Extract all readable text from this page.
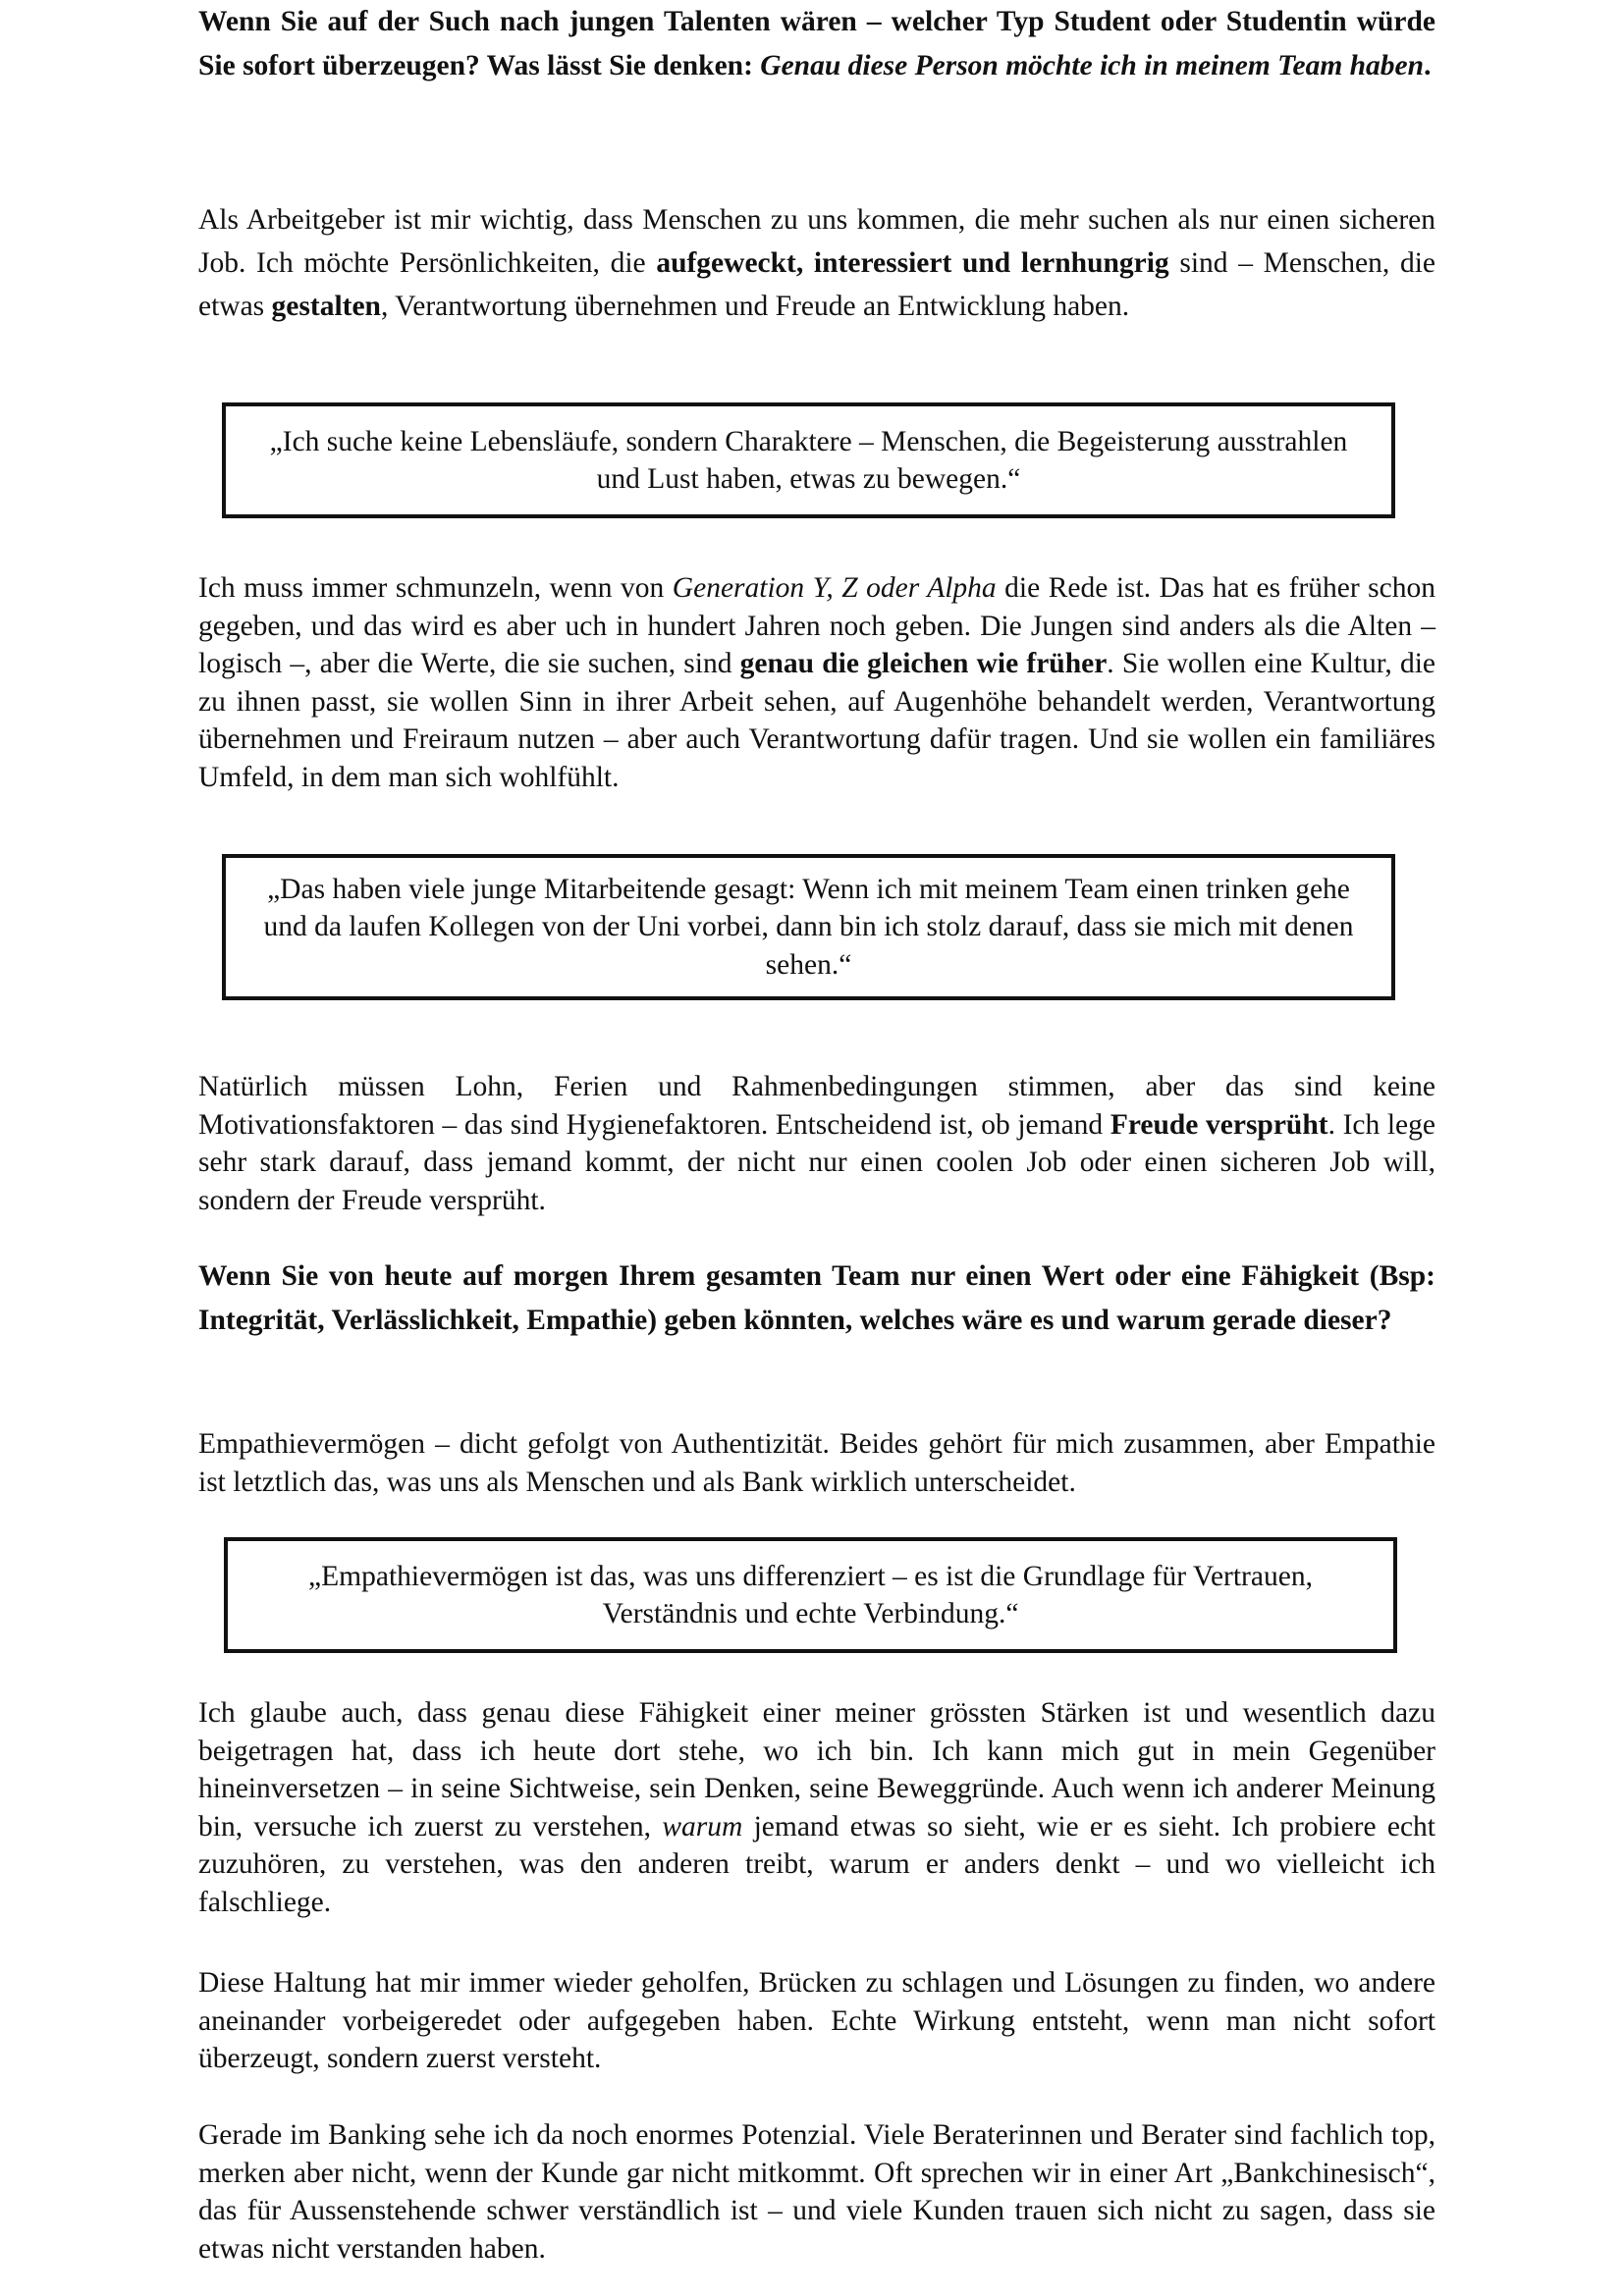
Wenn Sie auf der Such nach jungen Talenten wären – welcher Typ Student oder Studentin würde Sie sofort überzeugen? Was lässt Sie denken: Genau diese Person möchte ich in meinem Team haben.

Als Arbeitgeber ist mir wichtig, dass Menschen zu uns kommen, die mehr suchen als nur einen sicheren Job. Ich möchte Persönlichkeiten, die aufgeweckt, interessiert und lernhungrig sind – Menschen, die etwas gestalten, Verantwortung übernehmen und Freude an Entwicklung haben.

„Ich suche keine Lebensläufe, sondern Charaktere – Menschen, die Begeisterung ausstrahlen und Lust haben, etwas zu bewegen.“

Ich muss immer schmunzeln, wenn von Generation Y, Z oder Alpha die Rede ist. Das hat es früher schon gegeben, und das wird es aber uch in hundert Jahren noch geben. Die Jungen sind anders als die Alten – logisch –, aber die Werte, die sie suchen, sind genau die gleichen wie früher. Sie wollen eine Kultur, die zu ihnen passt, sie wollen Sinn in ihrer Arbeit sehen, auf Augenhöhe behandelt werden, Verantwortung übernehmen und Freiraum nutzen – aber auch Verantwortung dafür tragen. Und sie wollen ein familiäres Umfeld, in dem man sich wohlfühlt.

„Das haben viele junge Mitarbeitende gesagt: Wenn ich mit meinem Team einen trinken gehe und da laufen Kollegen von der Uni vorbei, dann bin ich stolz darauf, dass sie mich mit denen sehen.“

Natürlich müssen Lohn, Ferien und Rahmenbedingungen stimmen, aber das sind keine Motivationsfaktoren – das sind Hygienefaktoren. Entscheidend ist, ob jemand Freude versprüht. Ich lege sehr stark darauf, dass jemand kommt, der nicht nur einen coolen Job oder einen sicheren Job will, sondern der Freude versprüht.

Wenn Sie von heute auf morgen Ihrem gesamten Team nur einen Wert oder eine Fähigkeit (Bsp: Integrität, Verlässlichkeit, Empathie) geben könnten, welches wäre es und warum gerade dieser?

Empathievermögen – dicht gefolgt von Authentizität. Beides gehört für mich zusammen, aber Empathie ist letztlich das, was uns als Menschen und als Bank wirklich unterscheidet.

„Empathievermögen ist das, was uns differenziert – es ist die Grundlage für Vertrauen, Verständnis und echte Verbindung.“

Ich glaube auch, dass genau diese Fähigkeit einer meiner grössten Stärken ist und wesentlich dazu beigetragen hat, dass ich heute dort stehe, wo ich bin. Ich kann mich gut in mein Gegenüber hineinversetzen – in seine Sichtweise, sein Denken, seine Beweggründe. Auch wenn ich anderer Meinung bin, versuche ich zuerst zu verstehen, warum jemand etwas so sieht, wie er es sieht. Ich probiere echt zuzuhören, zu verstehen, was den anderen treibt, warum er anders denkt – und wo vielleicht ich falschliege.

Diese Haltung hat mir immer wieder geholfen, Brücken zu schlagen und Lösungen zu finden, wo andere aneinander vorbeigeredet oder aufgegeben haben. Echte Wirkung entsteht, wenn man nicht sofort überzeugt, sondern zuerst versteht.

Gerade im Banking sehe ich da noch enormes Potenzial. Viele Beraterinnen und Berater sind fachlich top, merken aber nicht, wenn der Kunde gar nicht mitkommt. Oft sprechen wir in einer Art „Bankchinesisch“, das für Aussenstehende schwer verständlich ist – und viele Kunden trauen sich nicht zu sagen, dass sie etwas nicht verstanden haben.
